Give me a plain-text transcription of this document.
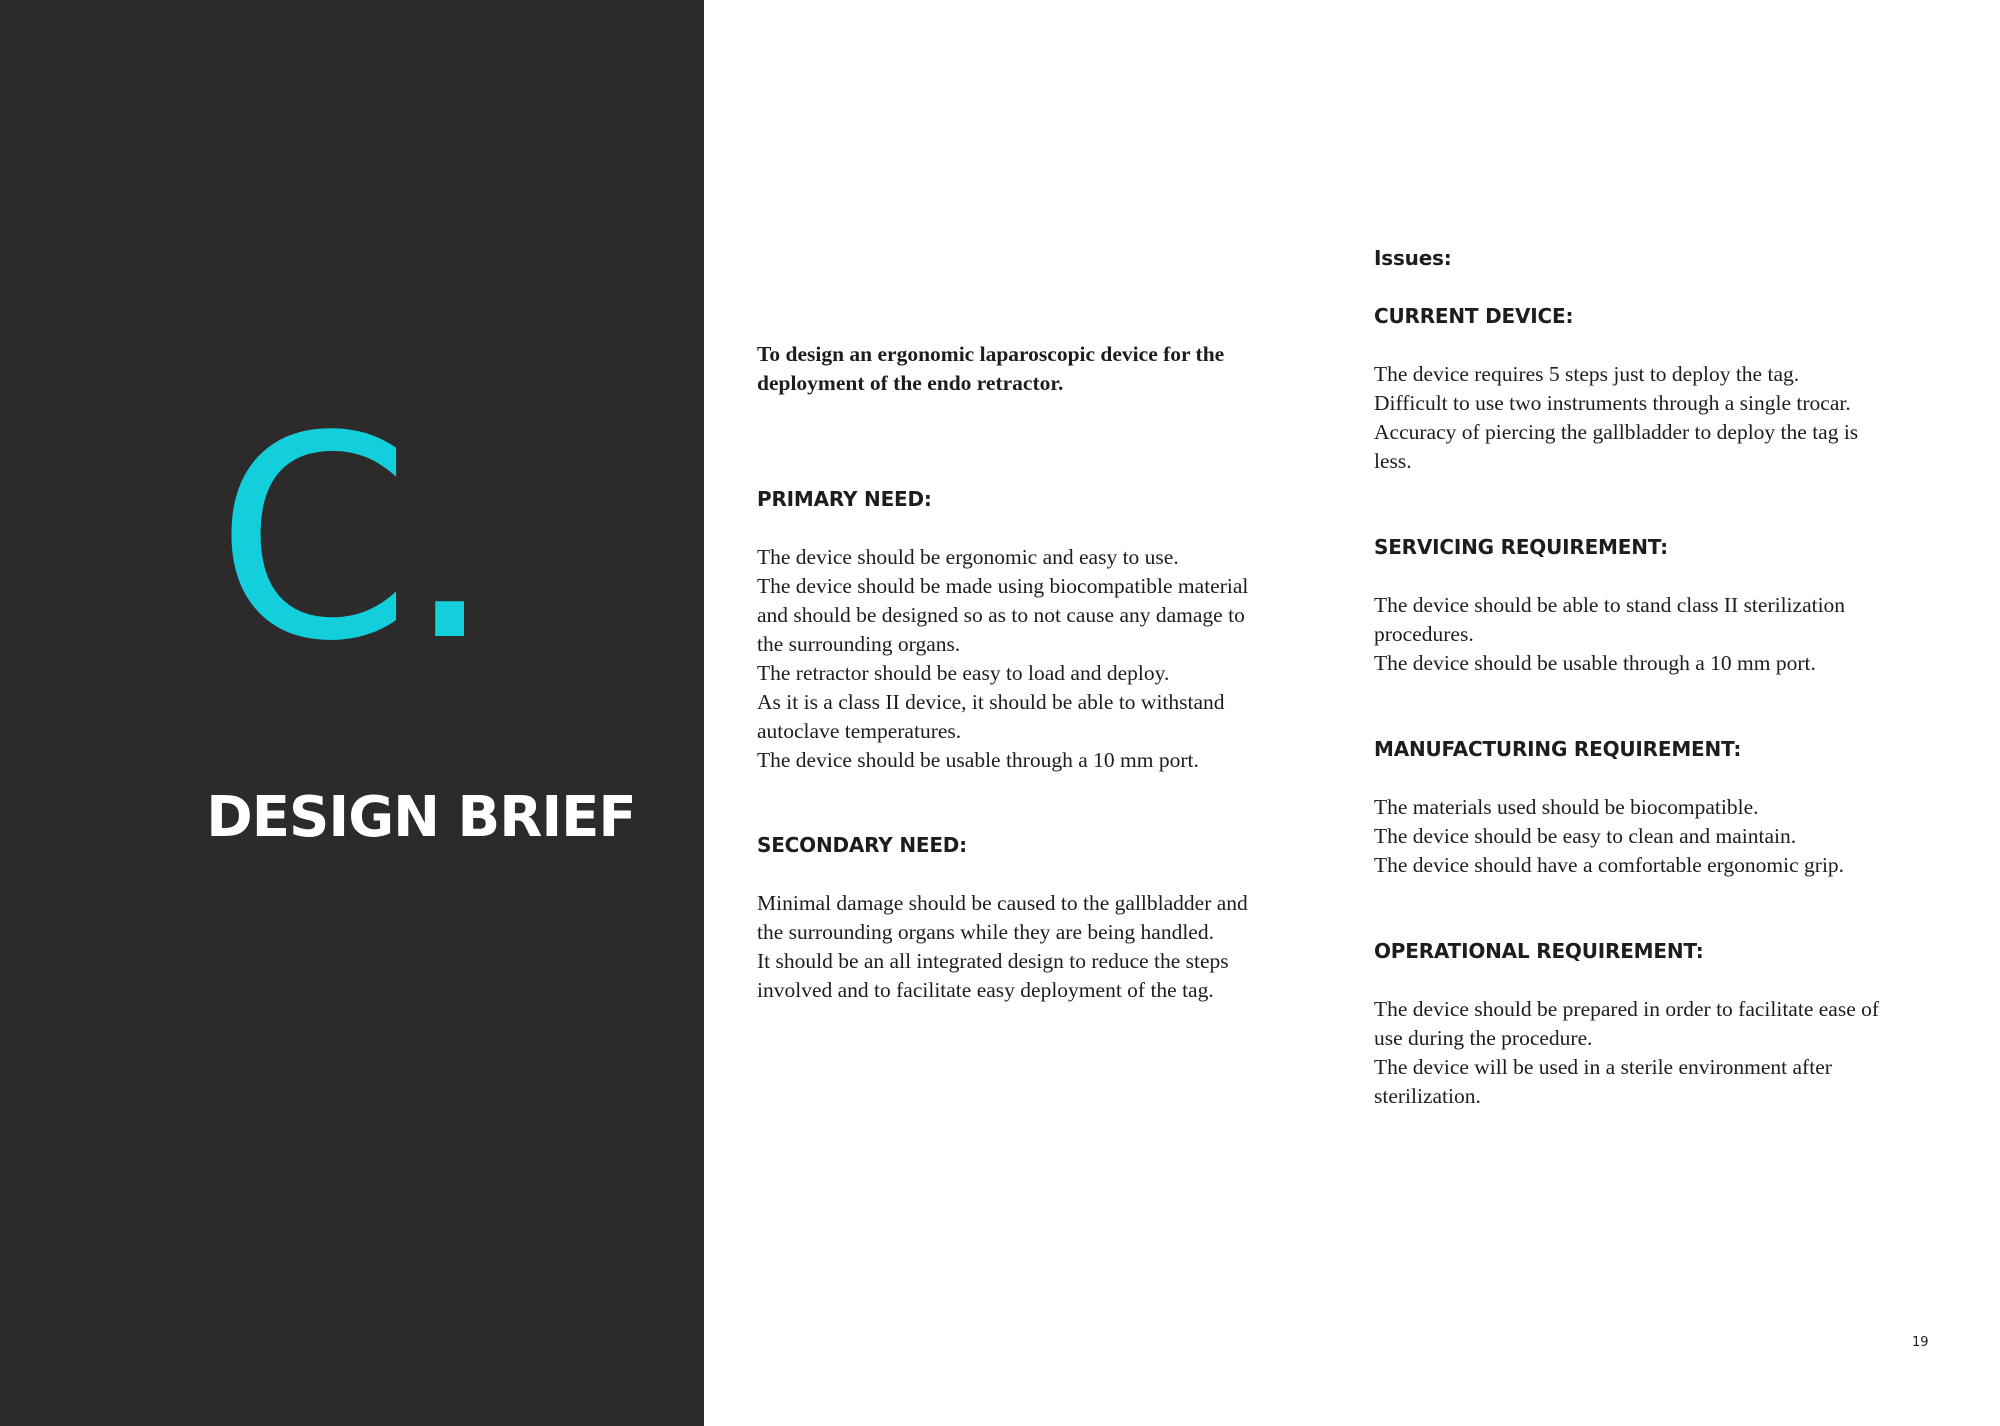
C.
DESIGN BRIEF

To design an ergonomic laparoscopic device for the
deployment of the endo retractor.

PRIMARY NEED:
The device should be ergonomic and easy to use.
The device should be made using biocompatible material
and should be designed so as to not cause any damage to
the surrounding organs.
The retractor should be easy to load and deploy.
As it is a class II device, it should be able to withstand
autoclave temperatures.
The device should be usable through a 10 mm port.
SECONDARY NEED:
Minimal damage should be caused to the gallbladder and
the surrounding organs while they are being handled.
It should be an all integrated design to reduce the steps
involved and to facilitate easy deployment of the tag.
Issues:
CURRENT DEVICE:
The device requires 5 steps just to deploy the tag.
Difficult to use two instruments through a single trocar.
Accuracy of piercing the gallbladder to deploy the tag is
less.
SERVICING REQUIREMENT:
The device should be able to stand class II sterilization
procedures.
The device should be usable through a 10 mm port.
MANUFACTURING REQUIREMENT:
The materials used should be biocompatible.
The device should be easy to clean and maintain.
The device should have a comfortable ergonomic grip.
OPERATIONAL REQUIREMENT:
The device should be prepared in order to facilitate ease of
use during the procedure.
The device will be used in a sterile environment after
sterilization.
19
